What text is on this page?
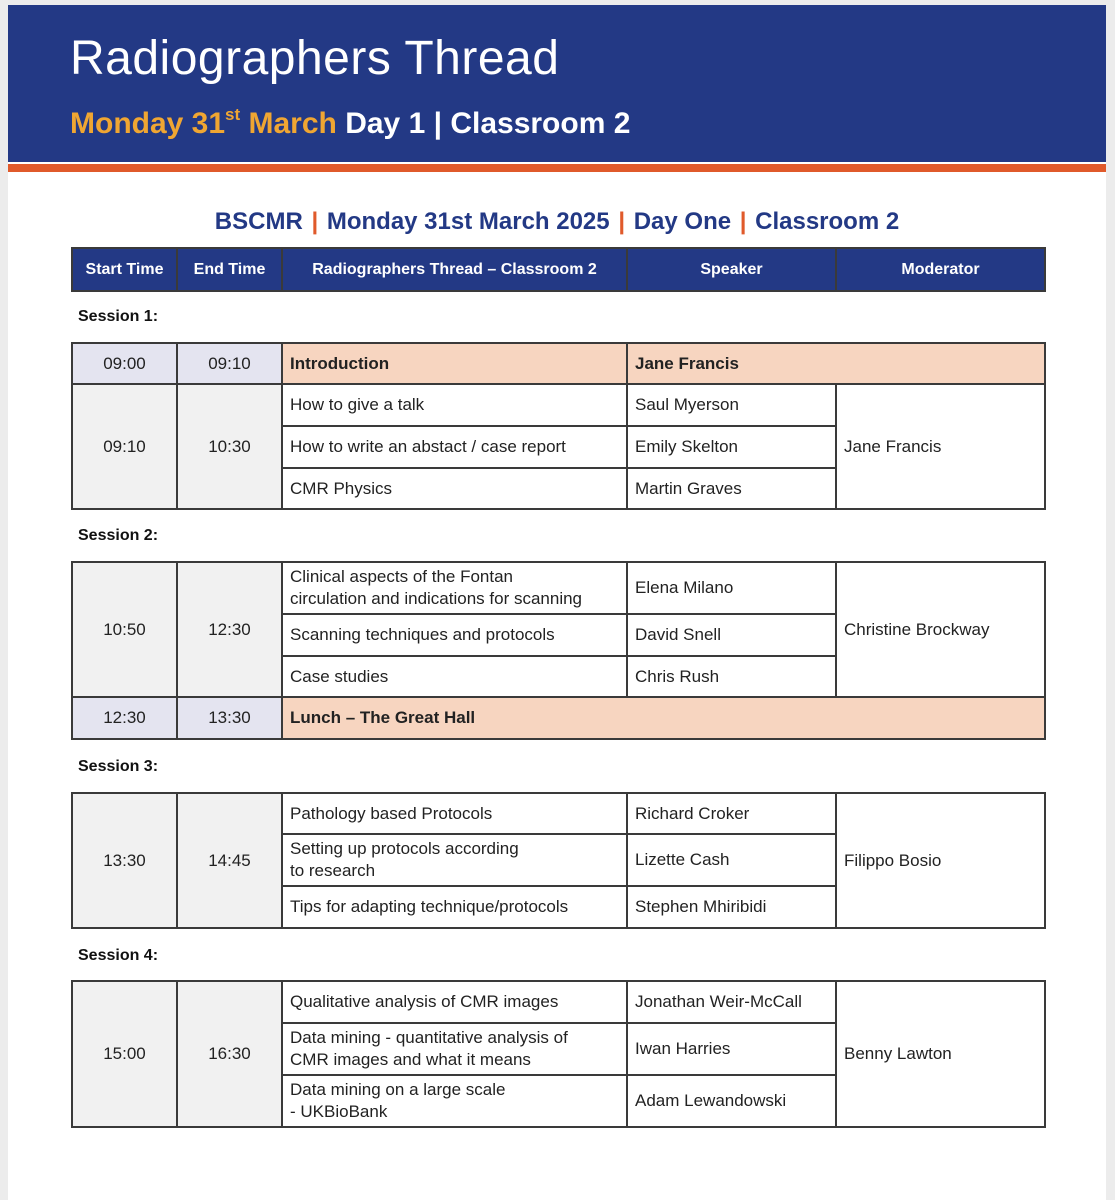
Radiographers Thread
Monday 31st March Day 1 | Classroom 2
BSCMR | Monday 31st March 2025 | Day One | Classroom 2
Start Time	End Time	Radiographers Thread – Classroom 2	Speaker	Moderator
Session 1:
09:00	09:10	Introduction	Jane Francis	
09:10	10:30	How to give a talk	Saul Myerson	Jane Francis
		How to write an abstact / case report	Emily Skelton	
		CMR Physics	Martin Graves	
Session 2:
10:50	12:30	Clinical aspects of the Fontan
circulation and indications for scanning	Elena Milano	Christine Brockway
		Scanning techniques and protocols	David Snell	
		Case studies	Chris Rush	
12:30	13:30	Lunch – The Great Hall		
Session 3:
13:30	14:45	Pathology based Protocols	Richard Croker	Filippo Bosio
		Setting up protocols according
to research	Lizette Cash	
		Tips for adapting technique/protocols	Stephen Mhiribidi	
Session 4:
15:00	16:30	Qualitative analysis of CMR images	Jonathan Weir-McCall	Benny Lawton
		Data mining - quantitative analysis of
CMR images and what it means	Iwan Harries	
		Data mining on a large scale
- UKBioBank	Adam Lewandowski	
